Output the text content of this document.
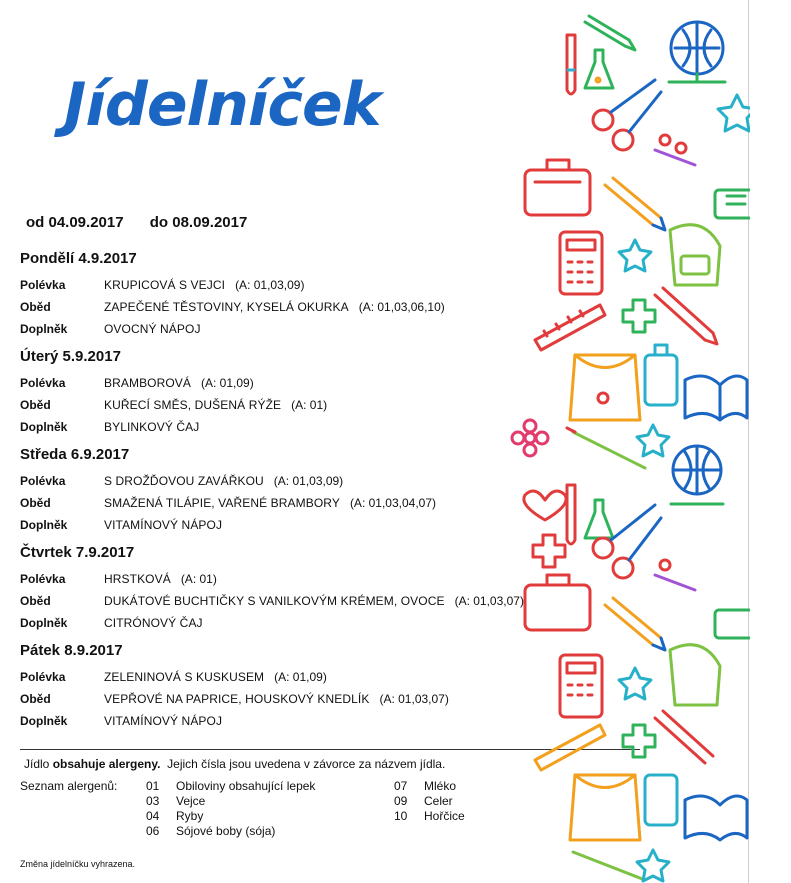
Jídelníček
od 04.09.2017 do 08.09.2017
Pondělí 4.9.2017
Polévka	KRUPICOVÁ S VEJCI (A: 01,03,09)
Oběd	ZAPEČENÉ TĚSTOVINY, KYSELÁ OKURKA (A: 01,03,06,10)
Doplněk	OVOCNÝ NÁPOJ
Úterý 5.9.2017
Polévka	BRAMBOROVÁ (A: 01,09)
Oběd	KUŘECÍ SMĚS, DUŠENÁ RÝŽE (A: 01)
Doplněk	BYLINKOVÝ ČAJ
Středa 6.9.2017
Polévka	S DROŽĎOVOU ZAVÁŘKOU (A: 01,03,09)
Oběd	SMAŽENÁ TILÁPIE, VAŘENÉ BRAMBORY (A: 01,03,04,07)
Doplněk	VITAMÍNOVÝ NÁPOJ
Čtvrtek 7.9.2017
Polévka	HRSTKOVÁ (A: 01)
Oběd	DUKÁTOVÉ BUCHTIČKY S VANILKOVÝM KRÉMEM, OVOCE (A: 01,03,07)
Doplněk	CITRÓNOVÝ ČAJ
Pátek 8.9.2017
Polévka	ZELENINOVÁ S KUSKUSEM (A: 01,09)
Oběd	VEPŘOVÉ NA PAPRICE, HOUSKOVÝ KNEDLÍK (A: 01,03,07)
Doplněk	VITAMÍNOVÝ NÁPOJ
Jídlo obsahuje alergeny.  Jejich čísla jsou uvedena v závorce za názvem jídla.
Seznam alergenů: 01 Obiloviny obsahující lepek
03 Vejce
04 Ryby
06 Sójové boby (sója)
07 Mléko
09 Celer
10 Hořčice
Změna jídelníčku vyhrazena.
